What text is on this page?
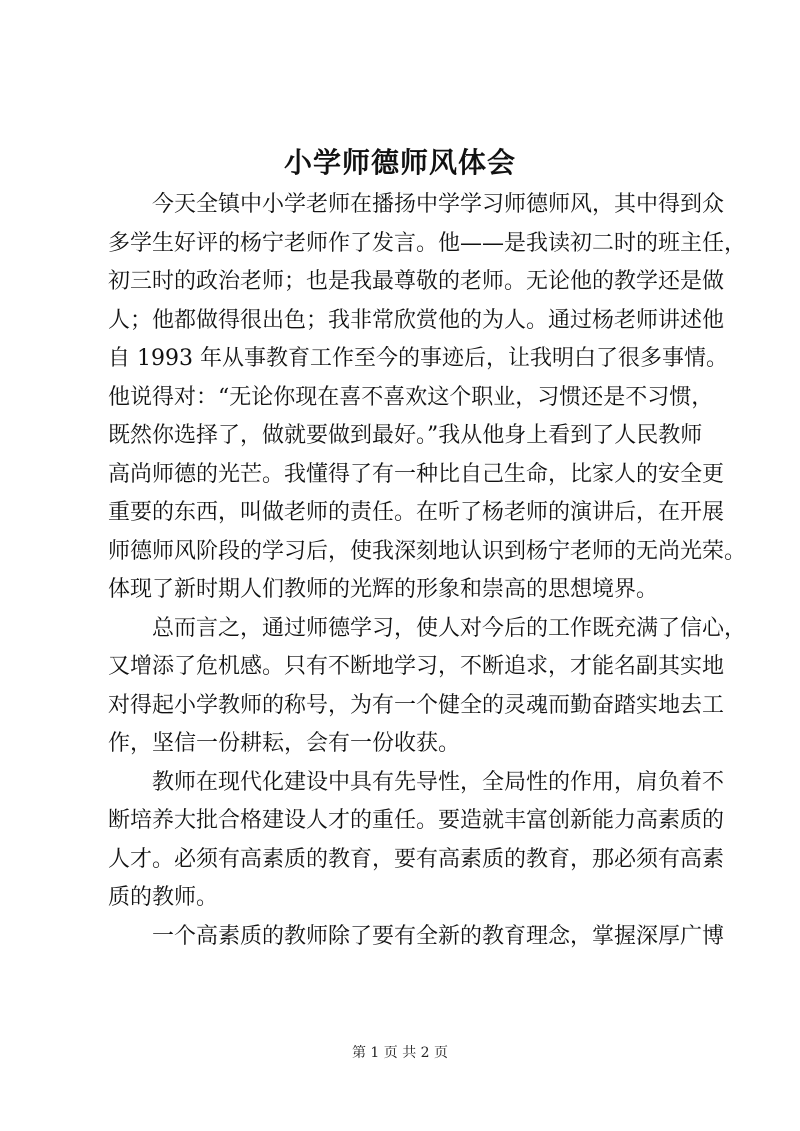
小学师德师风体会
　　今天全镇中小学老师在播扬中学学习师德师风，其中得到众
多学生好评的杨宁老师作了发言。他——是我读初二时的班主任，
初三时的政治老师；也是我最尊敬的老师。无论他的教学还是做
人；他都做得很出色；我非常欣赏他的为人。通过杨老师讲述他
自 1993 年从事教育工作至今的事迹后，让我明白了很多事情。
他说得对：“无论你现在喜不喜欢这个职业，习惯还是不习惯，
既然你选择了，做就要做到最好。”我从他身上看到了人民教师
高尚师德的光芒。我懂得了有一种比自己生命，比家人的安全更
重要的东西，叫做老师的责任。在听了杨老师的演讲后，在开展
师德师风阶段的学习后，使我深刻地认识到杨宁老师的无尚光荣。
体现了新时期人们教师的光辉的形象和崇高的思想境界。
　　总而言之，通过师德学习，使人对今后的工作既充满了信心，
又增添了危机感。只有不断地学习，不断追求，才能名副其实地
对得起小学教师的称号，为有一个健全的灵魂而勤奋踏实地去工
作，坚信一份耕耘，会有一份收获。
　　教师在现代化建设中具有先导性，全局性的作用，肩负着不
断培养大批合格建设人才的重任。要造就丰富创新能力高素质的
人才。必须有高素质的教育，要有高素质的教育，那必须有高素
质的教师。
　　一个高素质的教师除了要有全新的教育理念，掌握深厚广博
第 1 页 共 2 页
